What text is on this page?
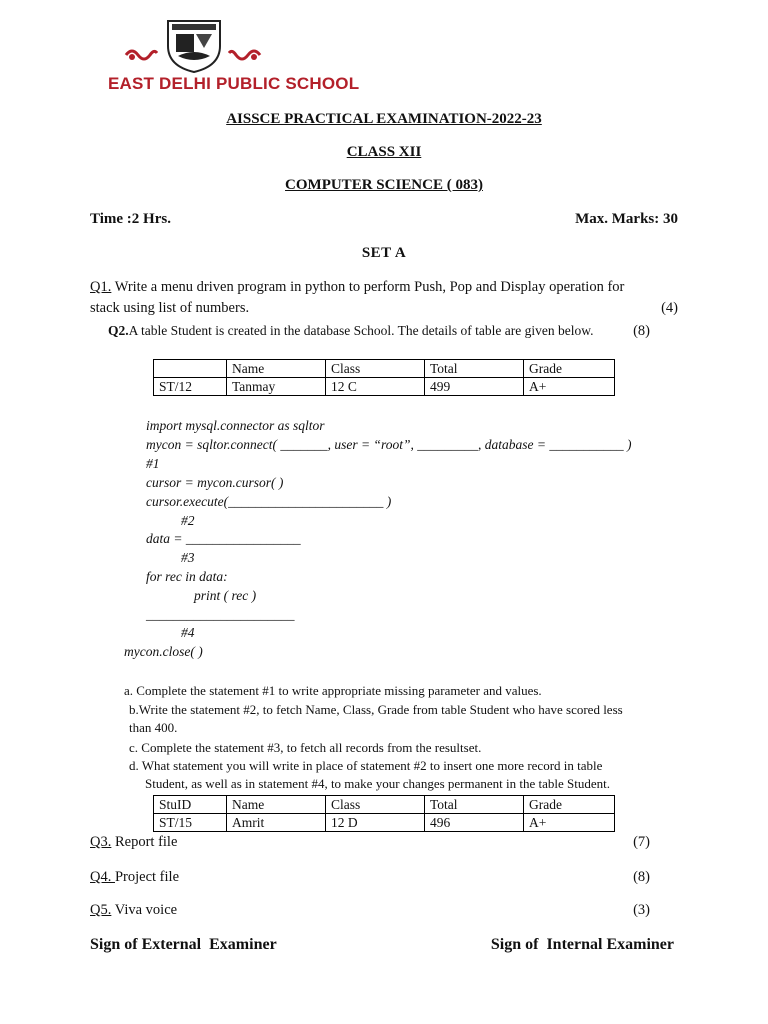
EAST DELHI PUBLIC SCHOOL
AISSCE PRACTICAL EXAMINATION-2022-23
CLASS XII
COMPUTER SCIENCE ( 083)
Time :2 Hrs.	Max. Marks: 30
SET A
Q1. Write a menu driven program in python to perform Push, Pop and Display operation for
stack using list of numbers.	(4)
Q2.A table Student is created in the database School. The details of table are given below.	(8)
	Name	Class	Total	Grade
ST/12	Tanmay	12 C	499	A+
import mysql.connector as sqltor
mycon = sqltor.connect( _______, user = “root”, _________, database = ___________ )
#1
cursor = mycon.cursor( )
cursor.execute(_______________________ )
#2
data = _________________
#3
for rec in data:
print ( rec )
______________________
#4
mycon.close( )
a. Complete the statement #1 to write appropriate missing parameter and values.
b.Write the statement #2, to fetch Name, Class, Grade from table Student who have scored less
than 400.
c. Complete the statement #3, to fetch all records from the resultset.
d. What statement you will write in place of statement #2 to insert one more record in table
Student, as well as in statement #4, to make your changes permanent in the table Student.
StuID	Name	Class	Total	Grade
ST/15	Amrit	12 D	496	A+
Q3. Report file	(7)
Q4. Project file	(8)
Q5. Viva voice	(3)
Sign of External  Examiner	Sign of  Internal Examiner
